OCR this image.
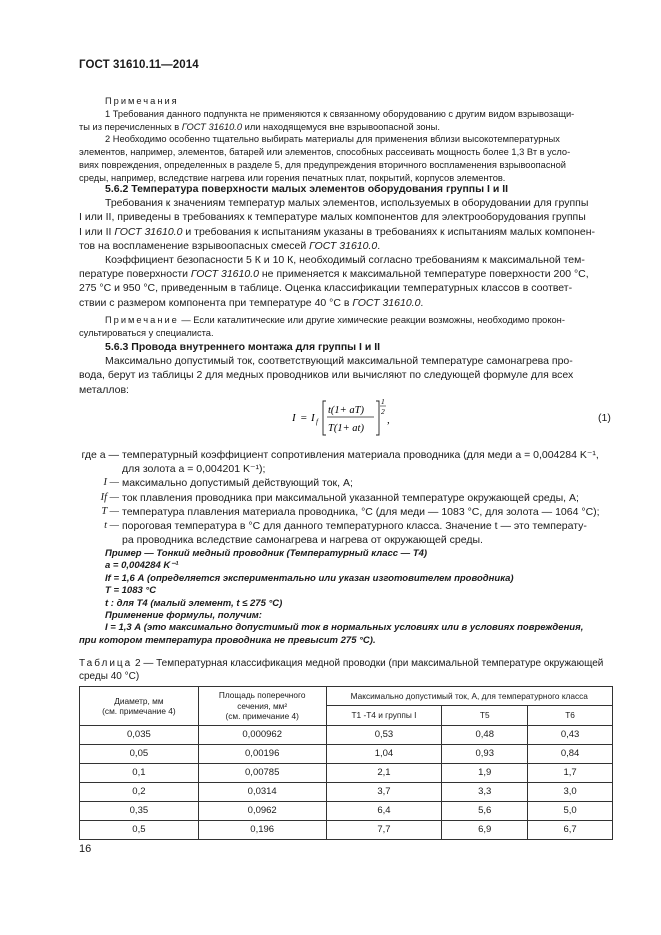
ГОСТ 31610.11—2014

Примечания

1 Требования данного подпункта не применяются к связанному оборудованию с другим видом взрывозащи-

ты из перечисленных в ГОСТ 31610.0 или находящемуся вне взрывоопасной зоны.

2 Необходимо особенно тщательно выбирать материалы для применения вблизи высокотемпературных

элементов, например, элементов, батарей или элементов, способных рассеивать мощность более 1,3 Вт в усло-

виях повреждения, определенных в разделе 5, для предупреждения вторичного воспламенения взрывоопасной

среды, например, вследствие нагрева или горения печатных плат, покрытий, корпусов элементов.

5.6.2 Температура поверхности малых элементов оборудования группы I и II

Требования к значениям температур малых элементов, используемых в оборудовании для группы

I или II, приведены в требованиях к температуре малых компонентов для электрооборудования группы

I или II ГОСТ 31610.0 и требования к испытаниям указаны в требованиях к испытаниям малых компонен-

тов на воспламенение взрывоопасных смесей ГОСТ 31610.0.

Коэффициент безопасности 5 К и 10 К, необходимый согласно требованиям к максимальной тем-

пературе поверхности ГОСТ 31610.0 не применяется к максимальной температуре поверхности 200 °С,

275 °С и 950 °С, приведенным в таблице. Оценка классификации температурных классов в соответ-

ствии с размером компонента при температуре 40 °С в ГОСТ 31610.0.

Примечание — Если каталитические или другие химические реакции возможны, необходимо прокон-

сультироваться у специалиста.

5.6.3 Провода внутреннего монтажа для группы I и II

Максимально допустимый ток, соответствующий максимальной температуре самонагрева про-

вода, берут из таблицы 2 для медных проводников или вычисляют по следующей формуле для всех

металлов:

I = I f
t(1+ aT)
T(1+ at)
1
2
,	(1)
где a — температурный коэффициент сопротивления материала проводника (для меди a = 0,004284 K⁻¹,
для золота a = 0,004201 K⁻¹);
I — максимально допустимый действующий ток, А;
If — ток плавления проводника при максимальной указанной температуре окружающей среды, А;
T — температура плавления материала проводника, °С (для меди — 1083 °С, для золота — 1064 °С);
t — пороговая температура в °С для данного температурного класса. Значение t — это температу-
ра проводника вследствие самонагрева и нагрева от окружающей среды.

Пример — Тонкий медный проводник (Температурный класс — Т4)

a = 0,004284 K⁻¹

If = 1,6 А (определяется экспериментально или указан изготовителем проводника)

T = 1083 °С

t : для Т4 (малый элемент, t ≤ 275 °С)

Применение формулы, получим:

I = 1,3 А (это максимально допустимый ток в нормальных условиях или в условиях повреждения,

при котором температура проводника не превысит 275 °С).

Таблица 2 — Температурная классификация медной проводки (при максимальной температуре окружающей
среды 40 °С)
Диаметр, мм
(см. примечание 4)	Площадь поперечного
сечения, мм²
(см. примечание 4)	Максимально допустимый ток, А, для температурного класса		
		Т1 -Т4 и группы I	Т5	Т6
0,035	0,000962	0,53	0,48	0,43
0,05	0,00196	1,04	0,93	0,84
0,1	0,00785	2,1	1,9	1,7
0,2	0,0314	3,7	3,3	3,0
0,35	0,0962	6,4	5,6	5,0
0,5	0,196	7,7	6,9	6,7
16
